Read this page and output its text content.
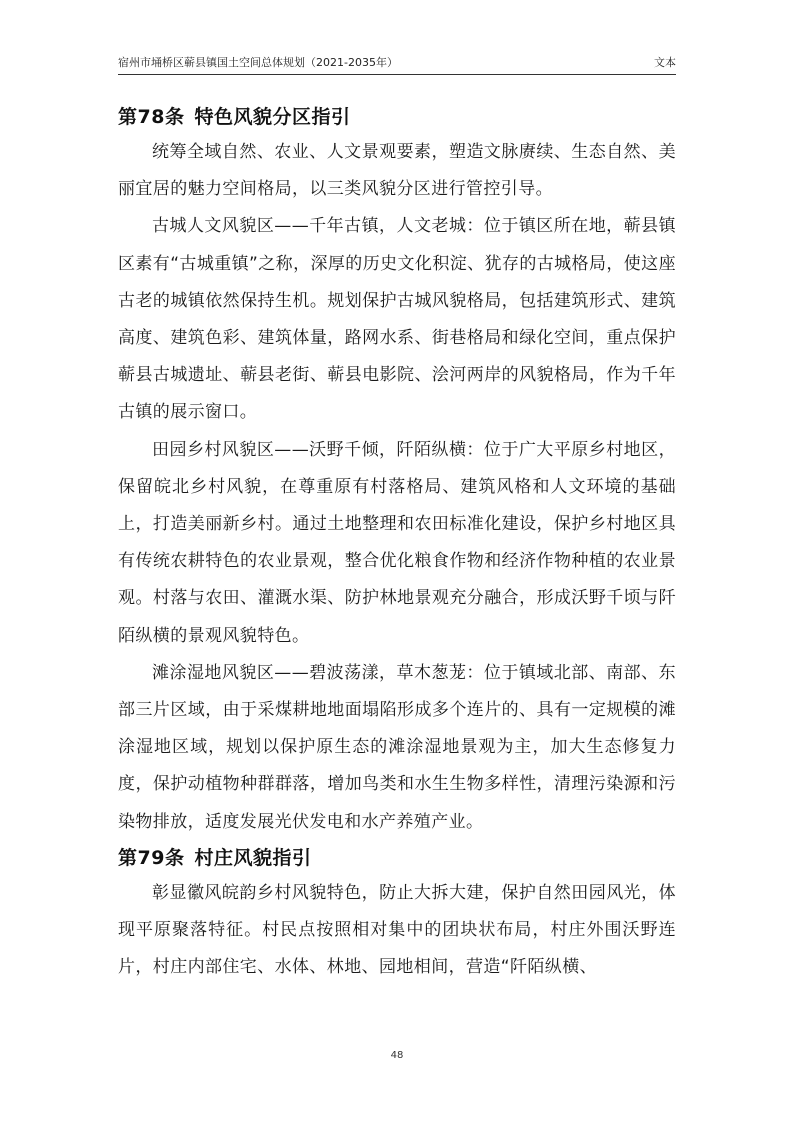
宿州市埇桥区蕲县镇国土空间总体规划（2021-2035年）	文本
第78条 特色风貌分区指引

统筹全域自然、农业、人文景观要素，塑造文脉赓续、生态自然、美丽宜居的魅力空间格局，以三类风貌分区进行管控引导。

古城人文风貌区——千年古镇，人文老城：位于镇区所在地，蕲县镇区素有“古城重镇”之称，深厚的历史文化积淀、犹存的古城格局，使这座古老的城镇依然保持生机。规划保护古城风貌格局，包括建筑形式、建筑高度、建筑色彩、建筑体量，路网水系、街巷格局和绿化空间，重点保护蕲县古城遗址、蕲县老街、蕲县电影院、浍河两岸的风貌格局，作为千年古镇的展示窗口。

田园乡村风貌区——沃野千倾，阡陌纵横：位于广大平原乡村地区，保留皖北乡村风貌，在尊重原有村落格局、建筑风格和人文环境的基础上，打造美丽新乡村。通过土地整理和农田标准化建设，保护乡村地区具有传统农耕特色的农业景观，整合优化粮食作物和经济作物种植的农业景观。村落与农田、灌溉水渠、防护林地景观充分融合，形成沃野千顷与阡陌纵横的景观风貌特色。

滩涂湿地风貌区——碧波荡漾，草木葱茏：位于镇域北部、南部、东部三片区域，由于采煤耕地地面塌陷形成多个连片的、具有一定规模的滩涂湿地区域，规划以保护原生态的滩涂湿地景观为主，加大生态修复力度，保护动植物种群群落，增加鸟类和水生生物多样性，清理污染源和污染物排放，适度发展光伏发电和水产养殖产业。

第79条 村庄风貌指引

彰显徽风皖韵乡村风貌特色，防止大拆大建，保护自然田园风光，体现平原聚落特征。村民点按照相对集中的团块状布局，村庄外围沃野连片，村庄内部住宅、水体、林地、园地相间，营造“阡陌纵横、

48
